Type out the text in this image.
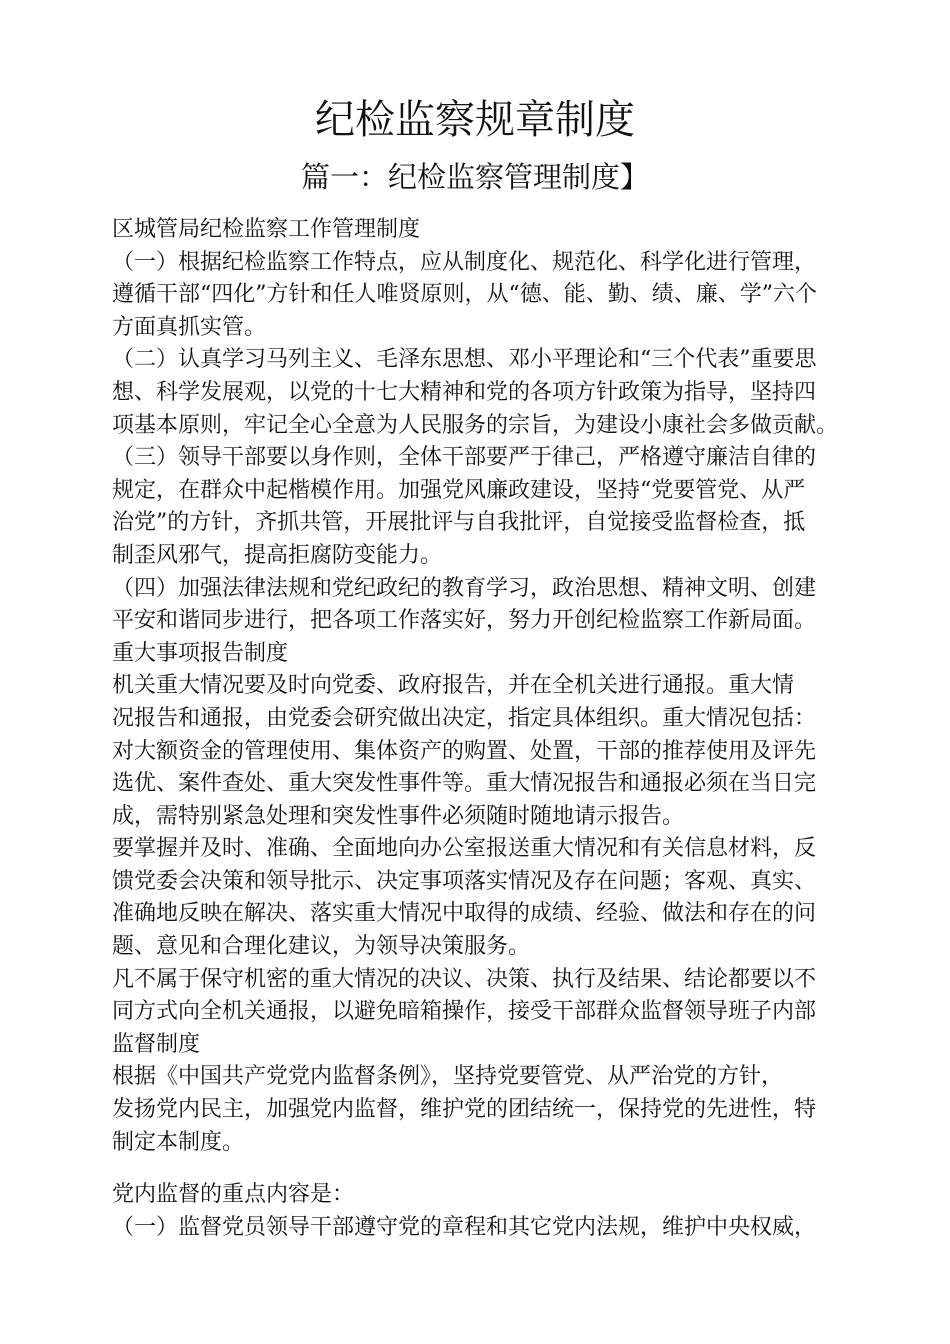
纪检监察规章制度
篇一：纪检监察管理制度】
区城管局纪检监察工作管理制度
（一）根据纪检监察工作特点，应从制度化、规范化、科学化进行管理，
遵循干部“四化”方针和任人唯贤原则，从“德、能、勤、绩、廉、学”六个
方面真抓实管。
（二）认真学习马列主义、毛泽东思想、邓小平理论和“三个代表”重要思
想、科学发展观，以党的十七大精神和党的各项方针政策为指导，坚持四
项基本原则，牢记全心全意为人民服务的宗旨，为建设小康社会多做贡献。
（三）领导干部要以身作则，全体干部要严于律己，严格遵守廉洁自律的
规定，在群众中起楷模作用。加强党风廉政建设，坚持“党要管党、从严
治党”的方针，齐抓共管，开展批评与自我批评，自觉接受监督检查，抵
制歪风邪气，提高拒腐防变能力。
（四）加强法律法规和党纪政纪的教育学习，政治思想、精神文明、创建
平安和谐同步进行，把各项工作落实好，努力开创纪检监察工作新局面。
重大事项报告制度
机关重大情况要及时向党委、政府报告，并在全机关进行通报。重大情
况报告和通报，由党委会研究做出决定，指定具体组织。重大情况包括：
对大额资金的管理使用、集体资产的购置、处置，干部的推荐使用及评先
选优、案件查处、重大突发性事件等。重大情况报告和通报必须在当日完
成，需特别紧急处理和突发性事件必须随时随地请示报告。
要掌握并及时、准确、全面地向办公室报送重大情况和有关信息材料，反
馈党委会决策和领导批示、决定事项落实情况及存在问题；客观、真实、
准确地反映在解决、落实重大情况中取得的成绩、经验、做法和存在的问
题、意见和合理化建议，为领导决策服务。
凡不属于保守机密的重大情况的决议、决策、执行及结果、结论都要以不
同方式向全机关通报，以避免暗箱操作，接受干部群众监督领导班子内部
监督制度
根据《中国共产党党内监督条例》，坚持党要管党、从严治党的方针，
发扬党内民主，加强党内监督，维护党的团结统一，保持党的先进性，特
制定本制度。
党内监督的重点内容是：
（一）监督党员领导干部遵守党的章程和其它党内法规，维护中央权威，
